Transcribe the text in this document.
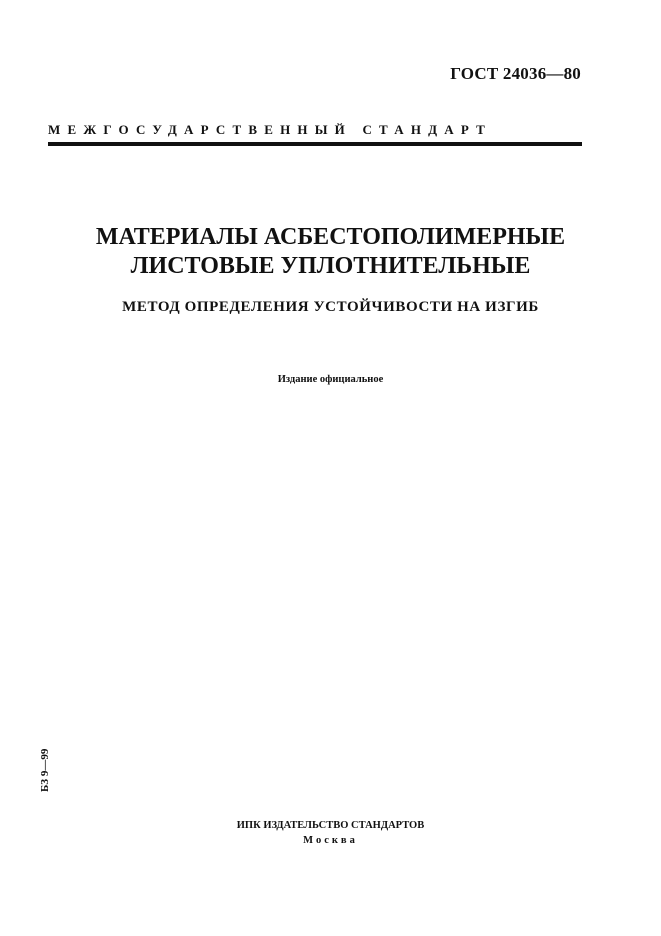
ГОСТ 24036—80
МЕЖГОСУДАРСТВЕННЫЙ СТАНДАРТ
МАТЕРИАЛЫ АСБЕСТОПОЛИМЕРНЫЕ
ЛИСТОВЫЕ УПЛОТНИТЕЛЬНЫЕ
МЕТОД ОПРЕДЕЛЕНИЯ УСТОЙЧИВОСТИ НА ИЗГИБ
Издание официальное
БЗ 9—99
ИПК ИЗДАТЕЛЬСТВО СТАНДАРТОВ
Москва
